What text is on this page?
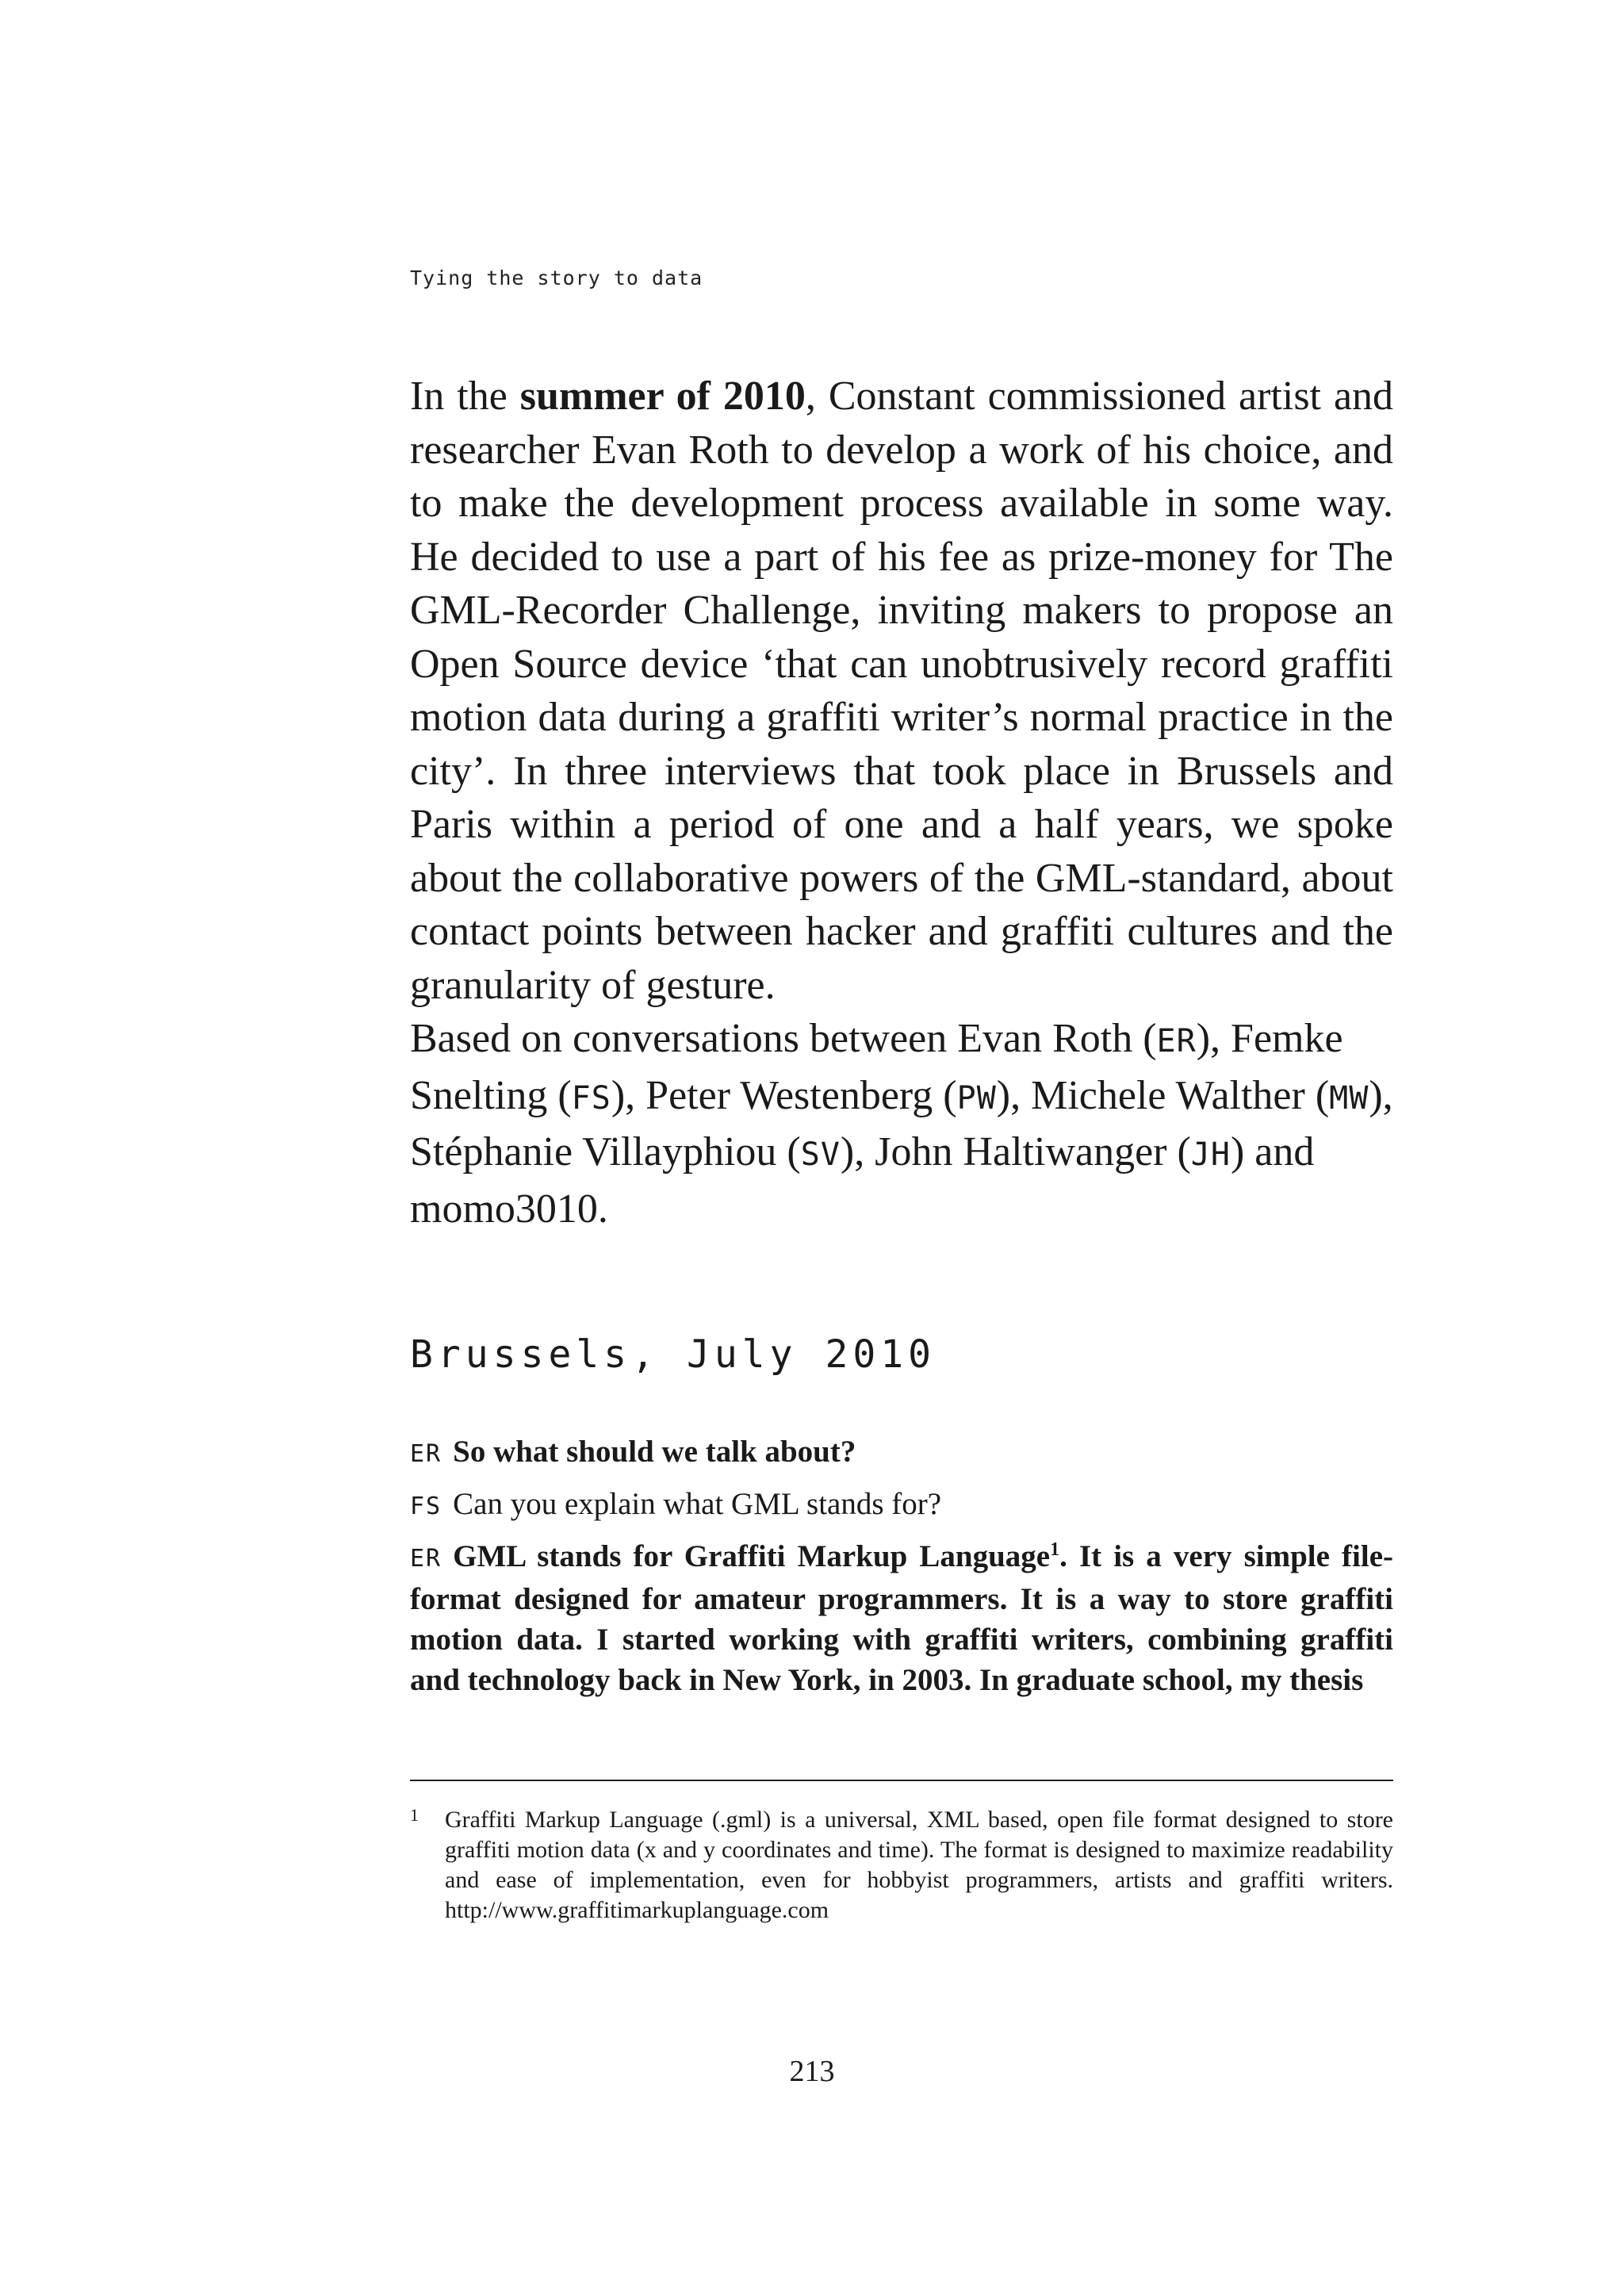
Tying the story to data

In the summer of 2010, Constant commissioned artist and researcher Evan Roth to develop a work of his choice, and to make the development process available in some way. He decided to use a part of his fee as prize-money for The GML-Recorder Challenge, inviting makers to propose an Open Source device ‘that can unobtrusively record graffiti motion data during a graffiti writer’s normal practice in the city’. In three interviews that took place in Brussels and Paris within a period of one and a half years, we spoke about the collaborative powers of the GML-standard, about contact points between hacker and graffiti cultures and the granularity of gesture.

Based on conversations between Evan Roth (ER), Femke Snelting (FS), Peter Westenberg (PW), Michele Walther (MW), Stéphanie Villayphiou (SV), John Haltiwanger (JH) and momo3010.

Brussels, July 2010

ER So what should we talk about?

FS Can you explain what GML stands for?

ER GML stands for Graffiti Markup Language$^1$. It is a very simple file-format designed for amateur programmers. It is a way to store graffiti motion data. I started working with graffiti writers, combining graffiti and technology back in New York, in 2003. In graduate school, my thesis

1 Graffiti Markup Language (.gml) is a universal, XML based, open file format designed to store graffiti motion data (x and y coordinates and time). The format is designed to maximize readability and ease of implementation, even for hobbyist programmers, artists and graffiti writers. http://www.graffitimarkuplanguage.com
213
